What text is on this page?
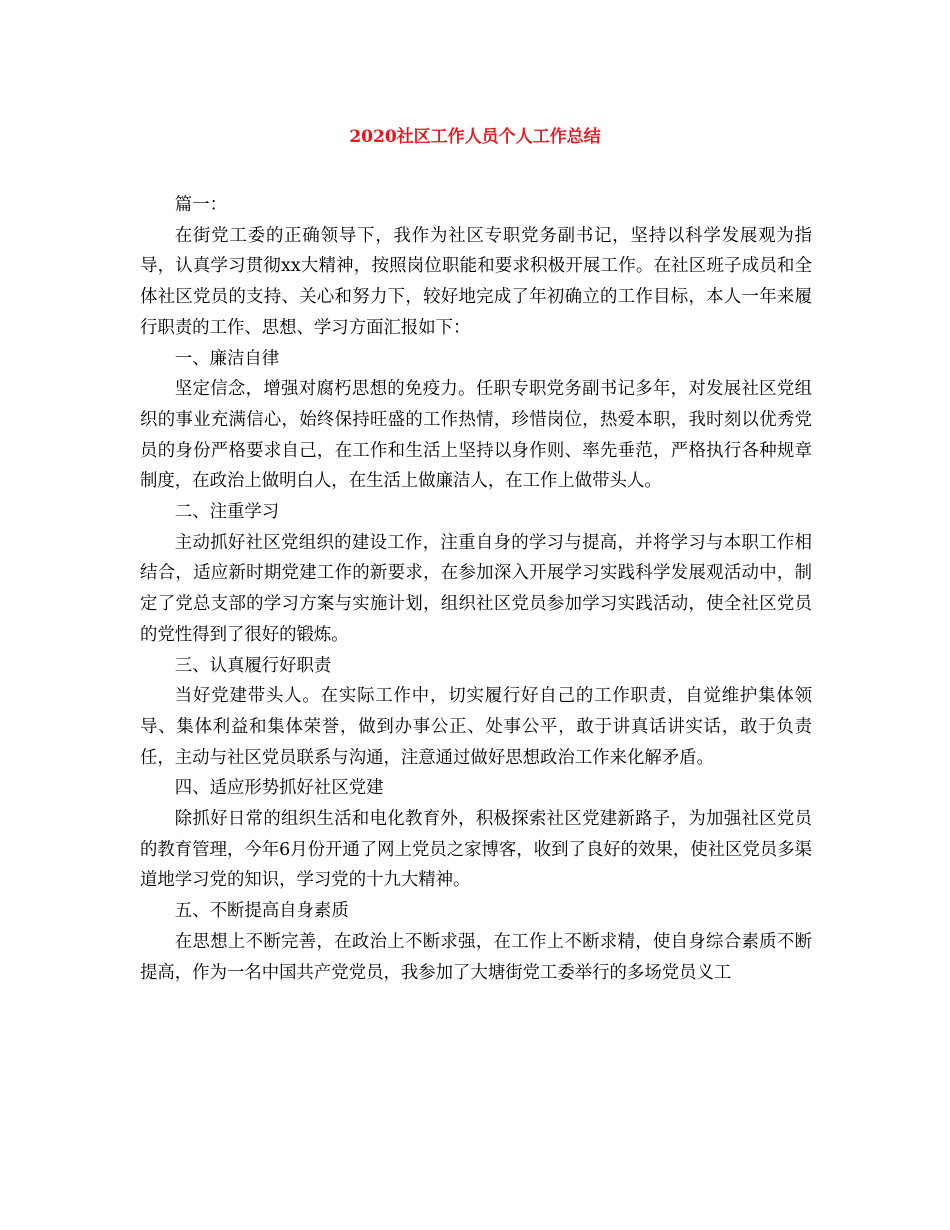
2020社区工作人员个人工作总结

篇一：

在街党工委的正确领导下，我作为社区专职党务副书记，坚持以科学发展观为指导，认真学习贯彻xx大精神，按照岗位职能和要求积极开展工作。在社区班子成员和全体社区党员的支持、关心和努力下，较好地完成了年初确立的工作目标，本人一年来履行职责的工作、思想、学习方面汇报如下：

一、廉洁自律

坚定信念，增强对腐朽思想的免疫力。任职专职党务副书记多年，对发展社区党组织的事业充满信心，始终保持旺盛的工作热情，珍惜岗位，热爱本职，我时刻以优秀党员的身份严格要求自己，在工作和生活上坚持以身作则、率先垂范，严格执行各种规章制度，在政治上做明白人，在生活上做廉洁人，在工作上做带头人。

二、注重学习

主动抓好社区党组织的建设工作，注重自身的学习与提高，并将学习与本职工作相结合，适应新时期党建工作的新要求，在参加深入开展学习实践科学发展观活动中，制定了党总支部的学习方案与实施计划，组织社区党员参加学习实践活动，使全社区党员的党性得到了很好的锻炼。

三、认真履行好职责

当好党建带头人。在实际工作中，切实履行好自己的工作职责，自觉维护集体领导、集体利益和集体荣誉，做到办事公正、处事公平，敢于讲真话讲实话，敢于负责任，主动与社区党员联系与沟通，注意通过做好思想政治工作来化解矛盾。

四、适应形势抓好社区党建

除抓好日常的组织生活和电化教育外，积极探索社区党建新路子，为加强社区党员的教育管理，今年6月份开通了网上党员之家博客，收到了良好的效果，使社区党员多渠道地学习党的知识，学习党的十九大精神。

五、不断提高自身素质

在思想上不断完善，在政治上不断求强，在工作上不断求精，使自身综合素质不断提高，作为一名中国共产党党员，我参加了大塘街党工委举行的多场党员义工
